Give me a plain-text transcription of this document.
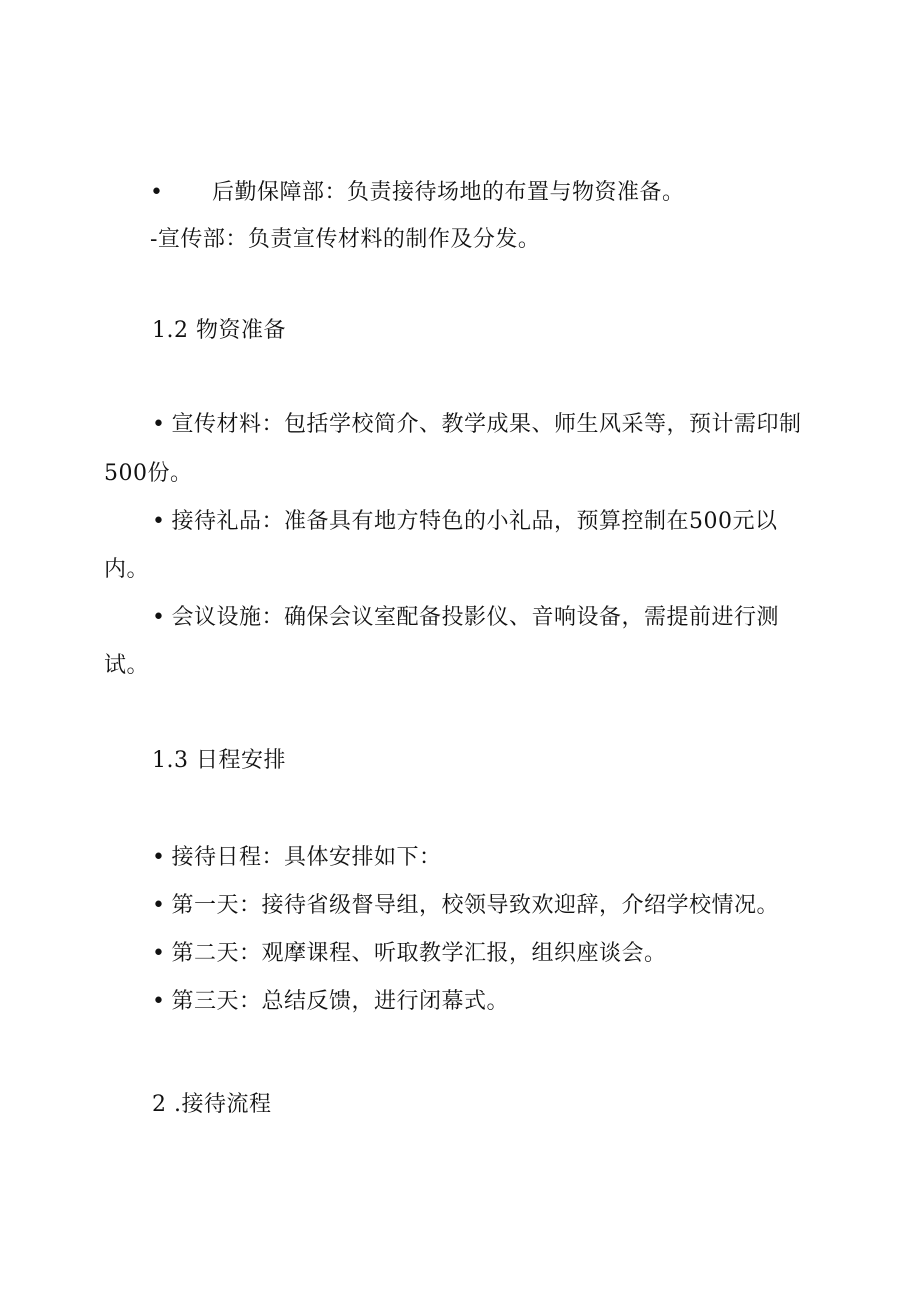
• 后勤保障部：负责接待场地的布置与物资准备。
-宣传部：负责宣传材料的制作及分发。
1.2 物资准备
• 宣传材料：包括学校简介、教学成果、师生风采等，预计需印制
500份。
• 接待礼品：准备具有地方特色的小礼品，预算控制在500元以
内。
• 会议设施：确保会议室配备投影仪、音响设备，需提前进行测
试。
1.3 日程安排
• 接待日程：具体安排如下：
• 第一天：接待省级督导组，校领导致欢迎辞，介绍学校情况。
• 第二天：观摩课程、听取教学汇报，组织座谈会。
• 第三天：总结反馈，进行闭幕式。
2 .接待流程
